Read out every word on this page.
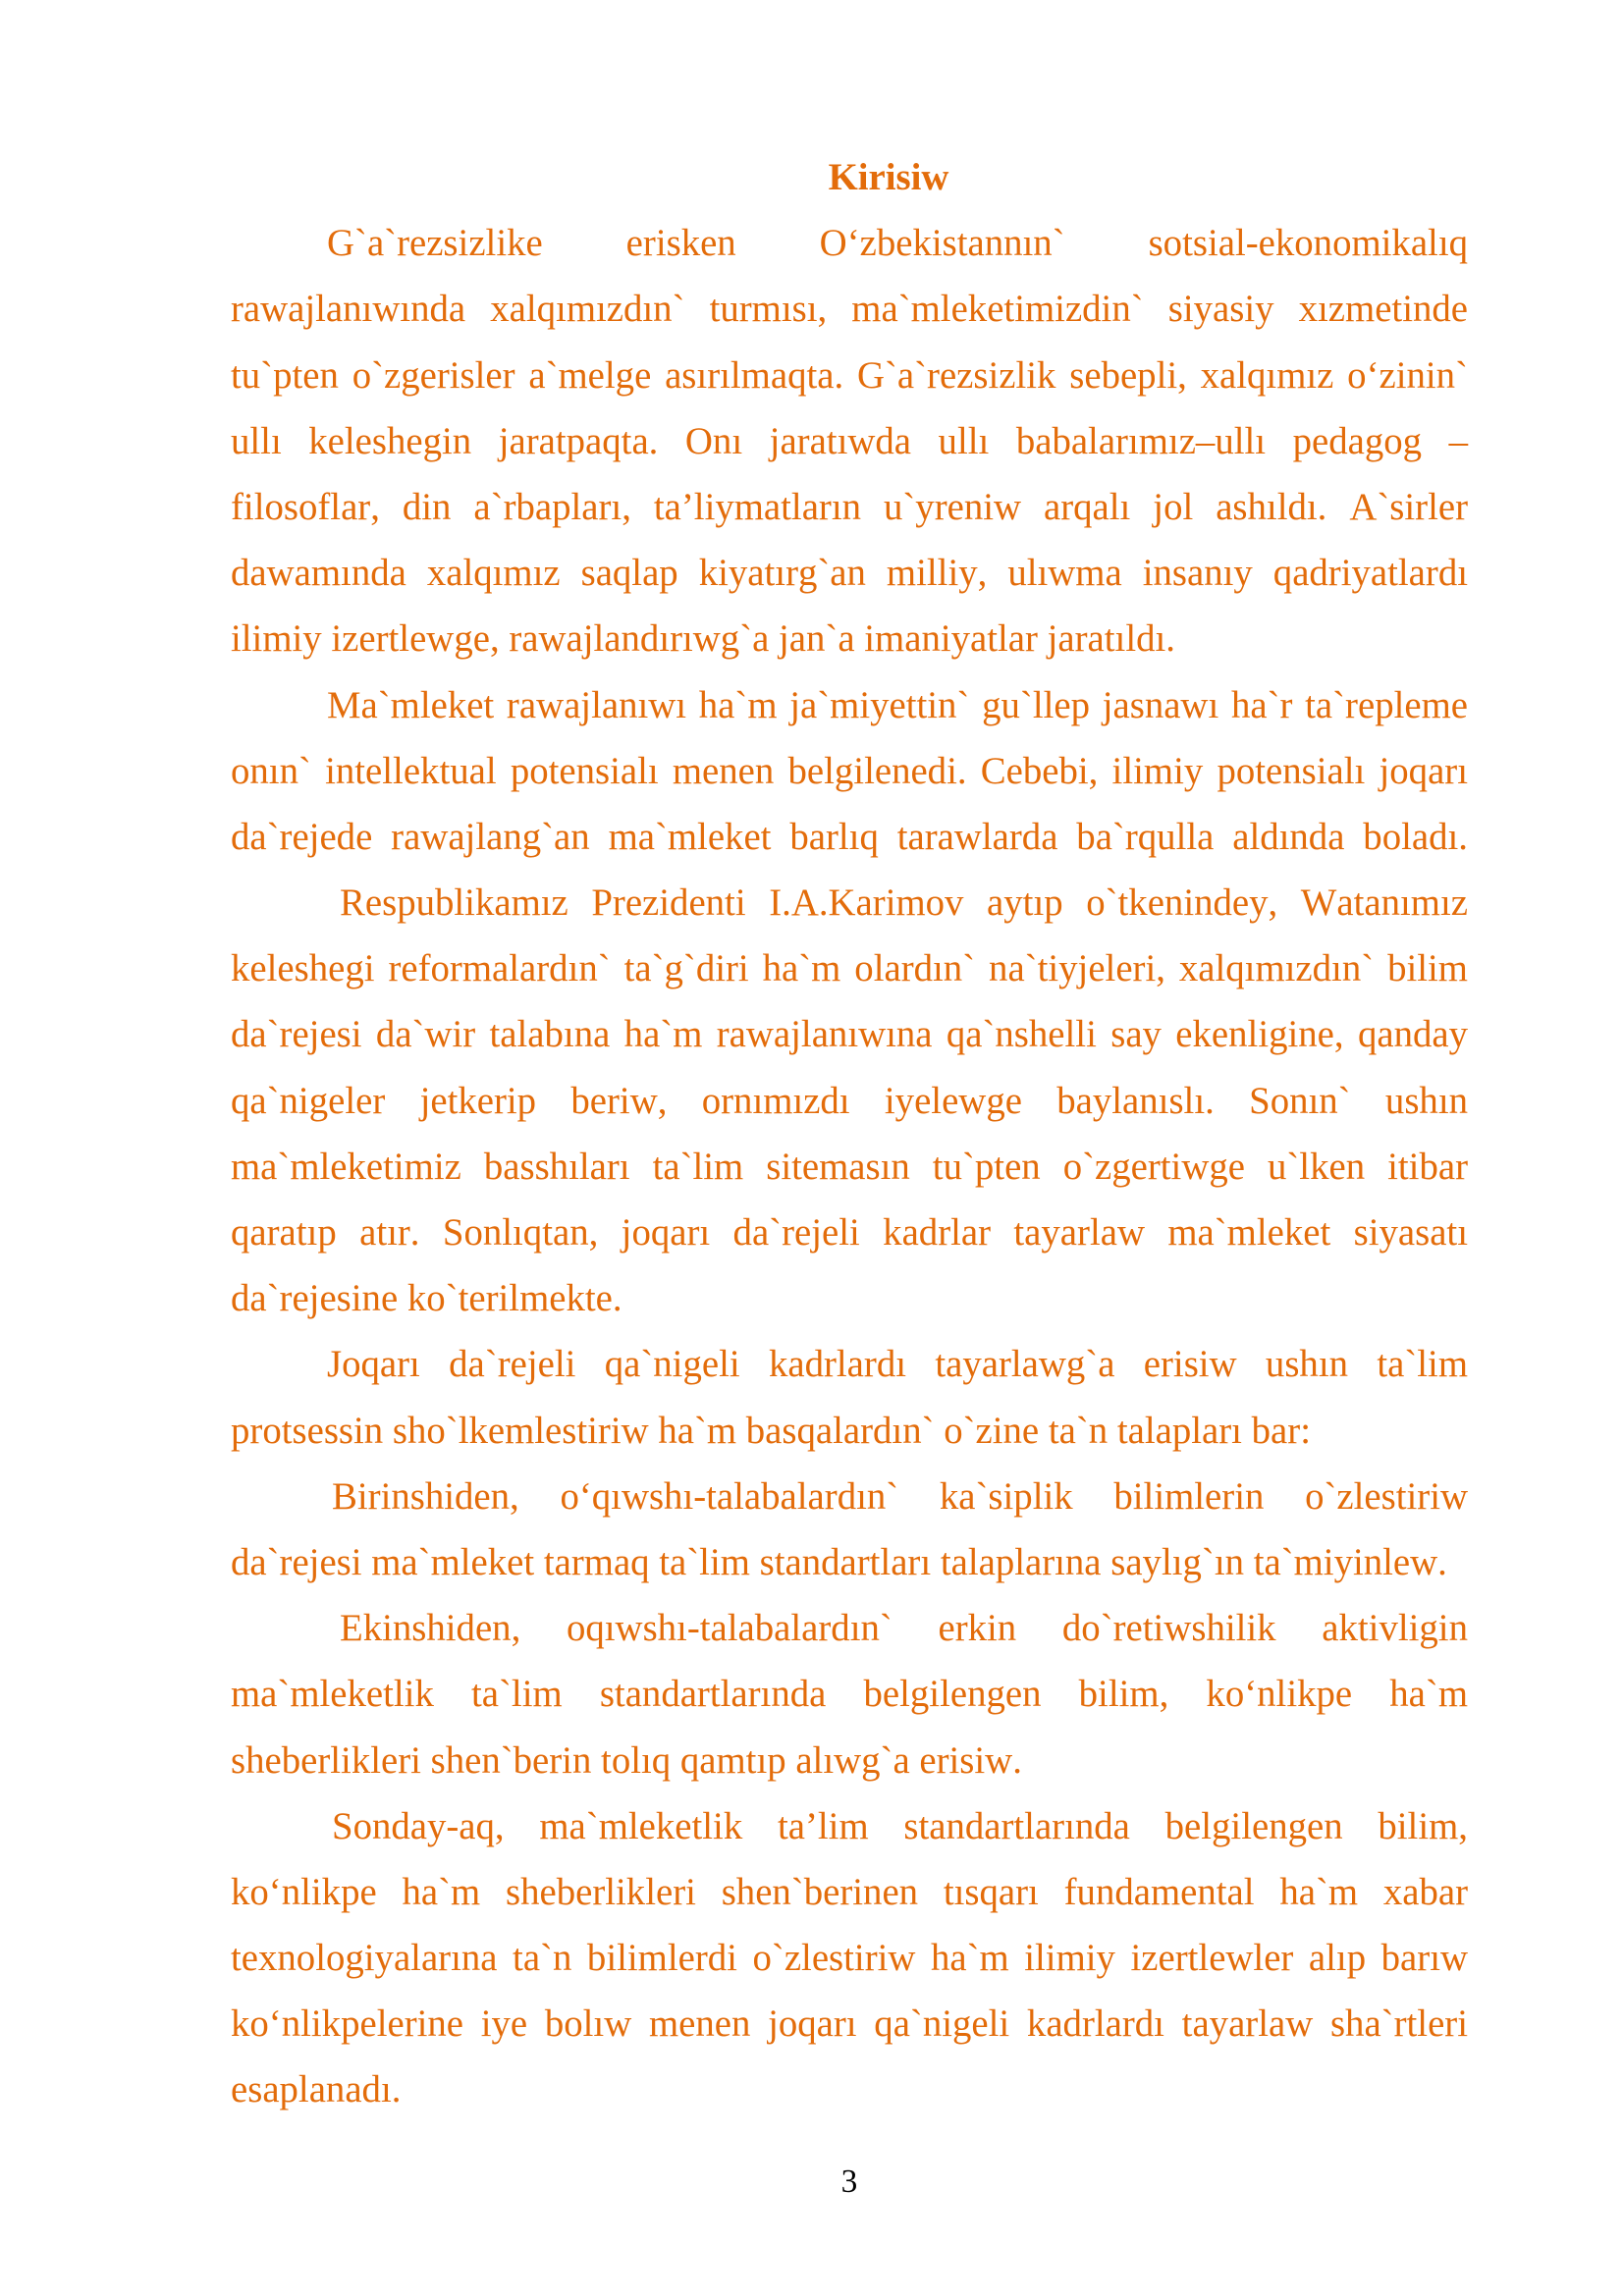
Kirisiw
G`a`rezsizlike erisken O‘zbekistannın` sotsial-ekonomikalıq
rawajlanıwında xalqımızdın` turmısı, ma`mleketimizdin` siyasiy xızmetinde
tu`pten o`zgerisler a`melge asırılmaqta. G`a`rezsizlik sebepli, xalqımız o‘zinin`
ullı keleshegin jaratpaqta. Onı jaratıwda ullı babalarımız–ullı pedagog –
filosoflar, din a`rbapları, ta’liymatların u`yreniw arqalı jol ashıldı. A`sirler
dawamında xalqımız saqlap kiyatırg`an milliy, ulıwma insanıy qadriyatlardı
ilimiy izertlewge, rawajlandırıwg`a jan`a imaniyatlar jaratıldı.
Ma`mleket rawajlanıwı ha`m ja`miyettin` gu`llep jasnawı ha`r ta`repleme
onın` intellektual potensialı menen belgilenedi. Cebebi, ilimiy potensialı joqarı
da`rejede rawajlang`an ma`mleket barlıq tarawlarda ba`rqulla aldında boladı.
Respublikamız Prezidenti I.A.Karimov aytıp o`tkenindey, Watanımız
keleshegi reformalardın` ta`g`diri ha`m olardın` na`tiyjeleri, xalqımızdın` bilim
da`rejesi da`wir talabına ha`m rawajlanıwına qa`nshelli say ekenligine, qanday
qa`nigeler jetkerip beriw, ornımızdı iyelewge baylanıslı. Sonın` ushın
ma`mleketimiz basshıları ta`lim sitemasın tu`pten o`zgertiwge u`lken itibar
qaratıp atır. Sonlıqtan, joqarı da`rejeli kadrlar tayarlaw ma`mleket siyasatı
da`rejesine ko`terilmekte.
Joqarı da`rejeli qa`nigeli kadrlardı tayarlawg`a erisiw ushın ta`lim
protsessin sho`lkemlestiriw ha`m basqalardın` o`zine ta`n talapları bar:
Birinshiden, o‘qıwshı-talabalardın` ka`siplik bilimlerin o`zlestiriw
da`rejesi ma`mleket tarmaq ta`lim standartları talaplarına saylıg`ın ta`miyinlew.
Ekinshiden, oqıwshı-talabalardın` erkin do`retiwshilik aktivligin
ma`mleketlik ta`lim standartlarında belgilengen bilim, ko‘nlikpe ha`m
sheberlikleri shen`berin tolıq qamtıp alıwg`a erisiw.
Sonday-aq, ma`mleketlik ta’lim standartlarında belgilengen bilim,
ko‘nlikpe ha`m sheberlikleri shen`berinen tısqarı fundamental ha`m xabar
texnologiyalarına ta`n bilimlerdi o`zlestiriw ha`m ilimiy izertlewler alıp barıw
ko‘nlikpelerine iye bolıw menen joqarı qa`nigeli kadrlardı tayarlaw sha`rtleri
esaplanadı.
3
